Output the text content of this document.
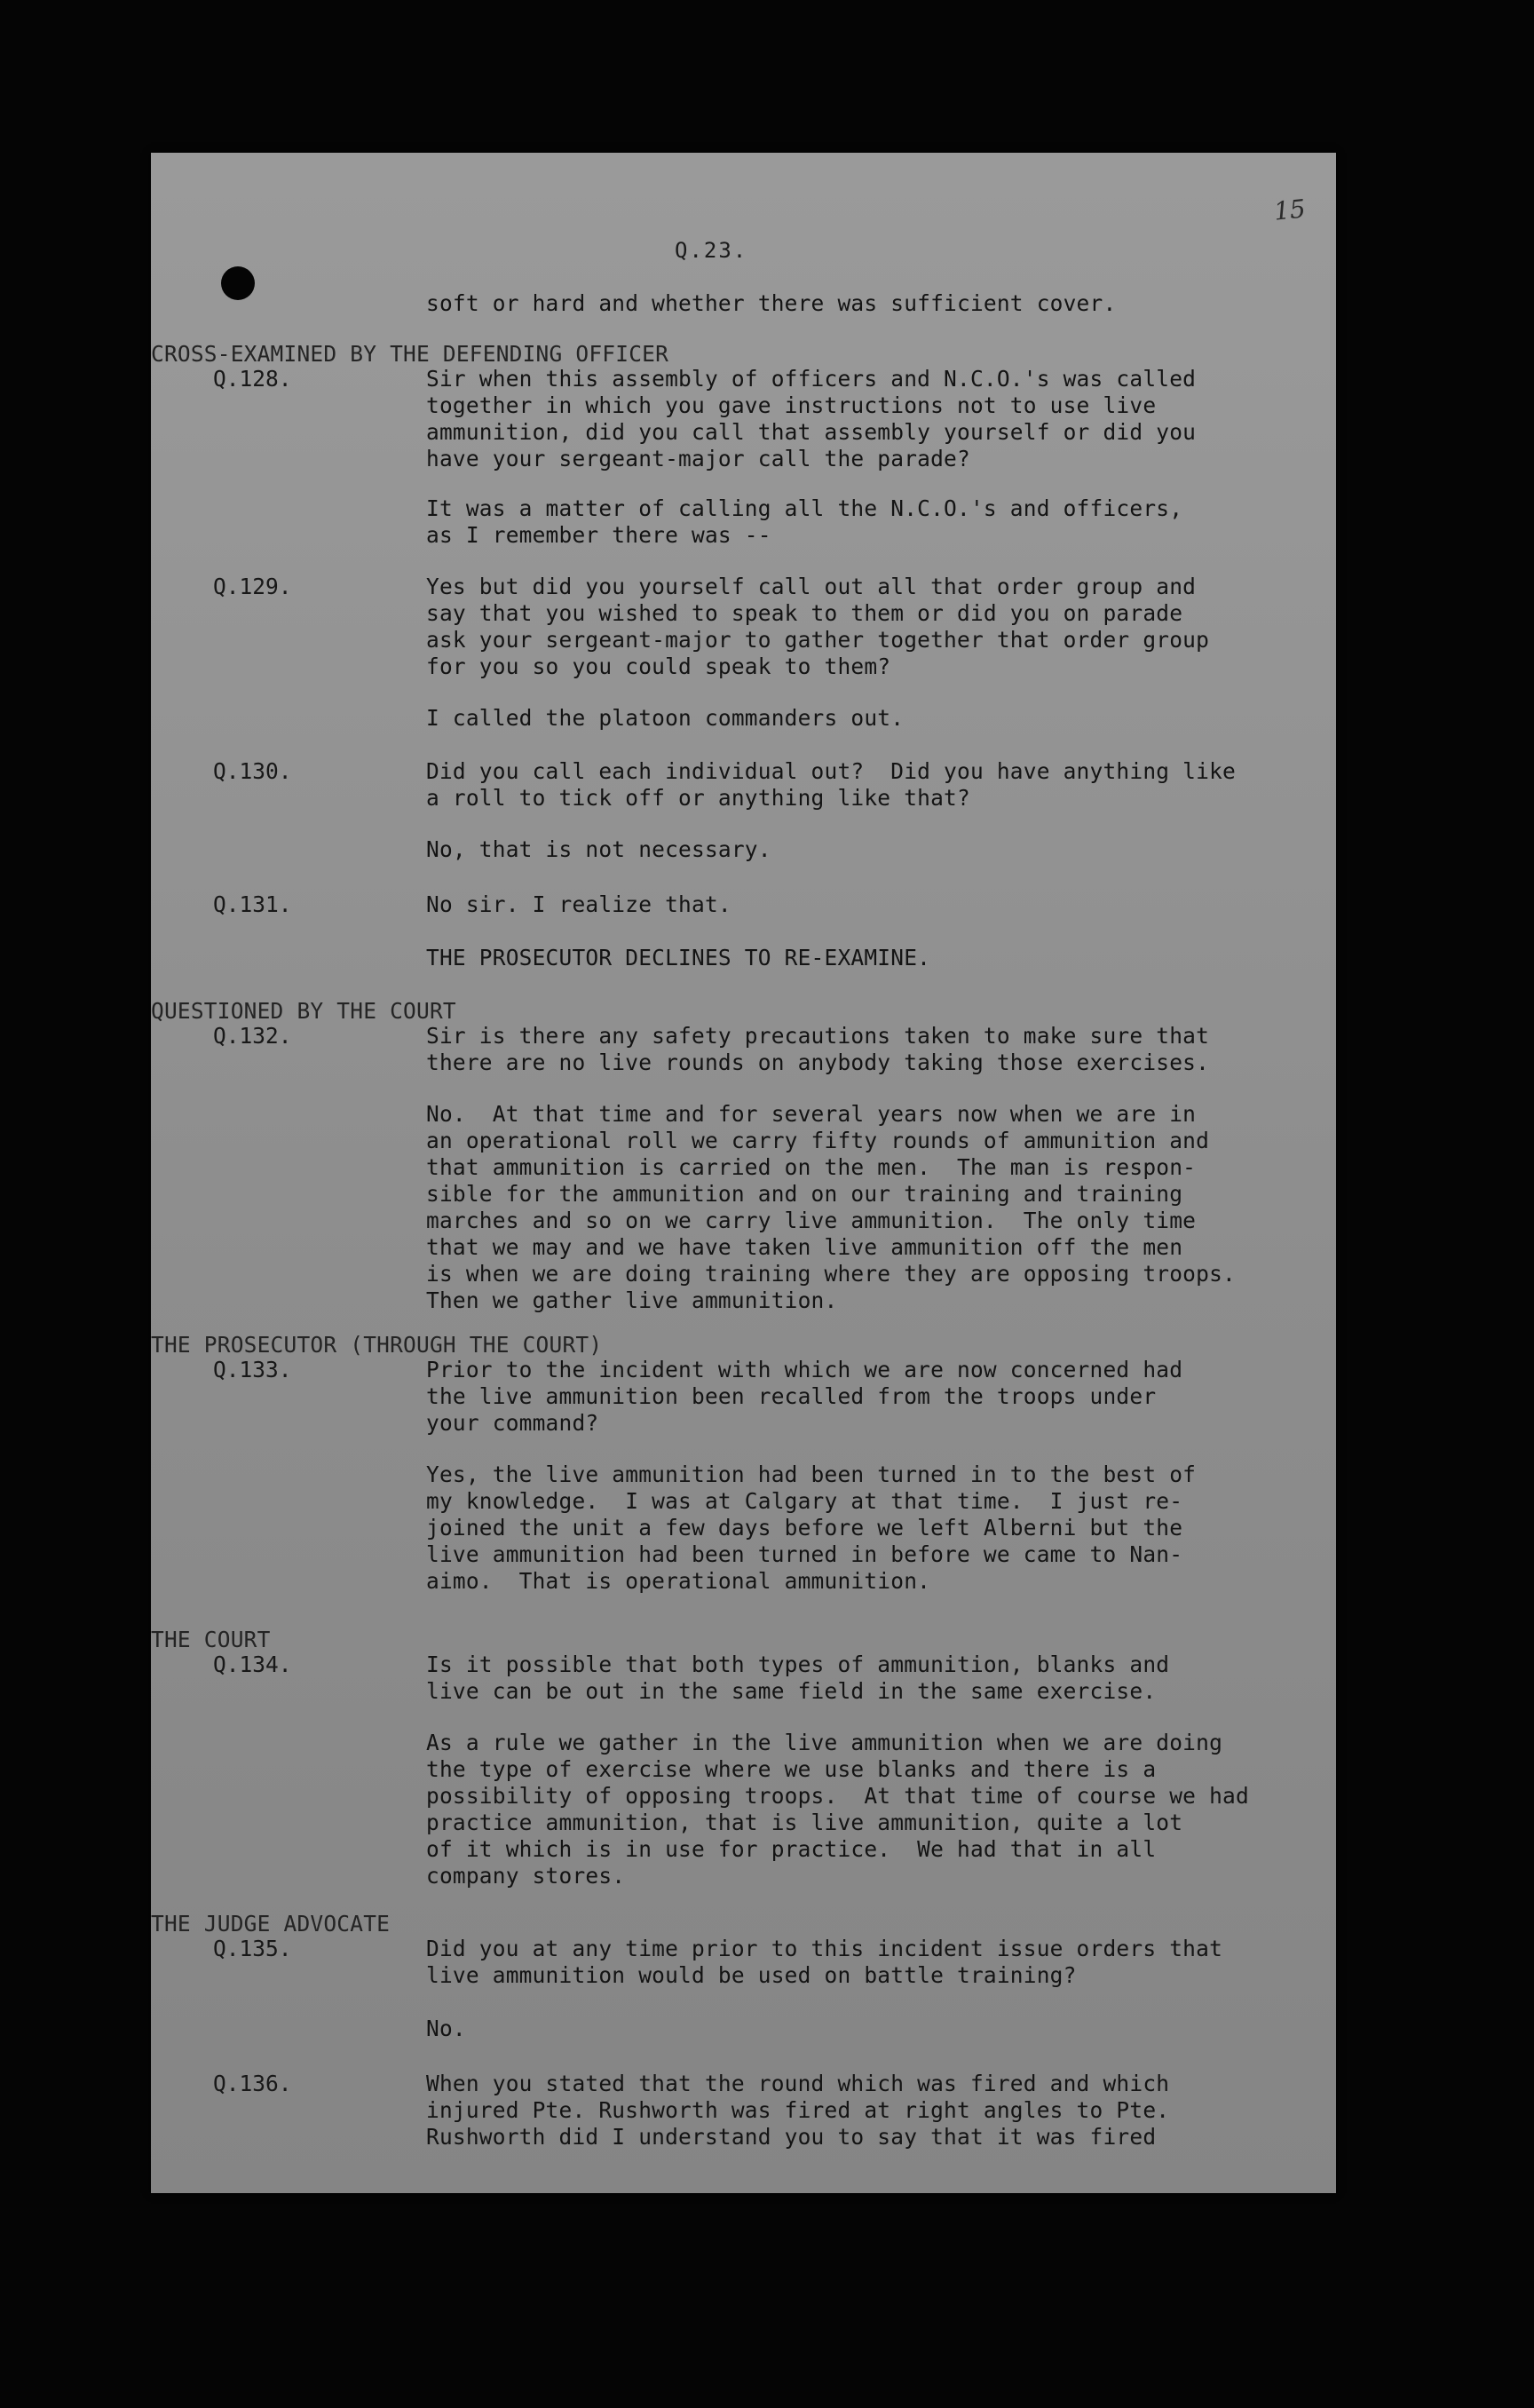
15
Q.23.
soft or hard and whether there was sufficient cover.
CROSS-EXAMINED BY THE DEFENDING OFFICER
Q.128.	Sir when this assembly of officers and N.C.O.'s was called
together in which you gave instructions not to use live
ammunition, did you call that assembly yourself or did you
have your sergeant-major call the parade?
It was a matter of calling all the N.C.O.'s and officers,
as I remember there was --
Q.129.	Yes but did you yourself call out all that order group and
say that you wished to speak to them or did you on parade
ask your sergeant-major to gather together that order group
for you so you could speak to them?
I called the platoon commanders out.
Q.130.	Did you call each individual out?  Did you have anything like
a roll to tick off or anything like that?
No, that is not necessary.
Q.131.	No sir. I realize that.
THE PROSECUTOR DECLINES TO RE-EXAMINE.
QUESTIONED BY THE COURT
Q.132.	Sir is there any safety precautions taken to make sure that
there are no live rounds on anybody taking those exercises.
No.  At that time and for several years now when we are in
an operational roll we carry fifty rounds of ammunition and
that ammunition is carried on the men.  The man is respon-
sible for the ammunition and on our training and training
marches and so on we carry live ammunition.  The only time
that we may and we have taken live ammunition off the men
is when we are doing training where they are opposing troops.
Then we gather live ammunition.
THE PROSECUTOR (THROUGH THE COURT)
Q.133.	Prior to the incident with which we are now concerned had
the live ammunition been recalled from the troops under
your command?
Yes, the live ammunition had been turned in to the best of
my knowledge.  I was at Calgary at that time.  I just re-
joined the unit a few days before we left Alberni but the
live ammunition had been turned in before we came to Nan-
aimo.  That is operational ammunition.
THE COURT
Q.134.	Is it possible that both types of ammunition, blanks and
live can be out in the same field in the same exercise.
As a rule we gather in the live ammunition when we are doing
the type of exercise where we use blanks and there is a
possibility of opposing troops.  At that time of course we had
practice ammunition, that is live ammunition, quite a lot
of it which is in use for practice.  We had that in all
company stores.
THE JUDGE ADVOCATE
Q.135.	Did you at any time prior to this incident issue orders that
live ammunition would be used on battle training?
No.
Q.136.	When you stated that the round which was fired and which
injured Pte. Rushworth was fired at right angles to Pte.
Rushworth did I understand you to say that it was fired
